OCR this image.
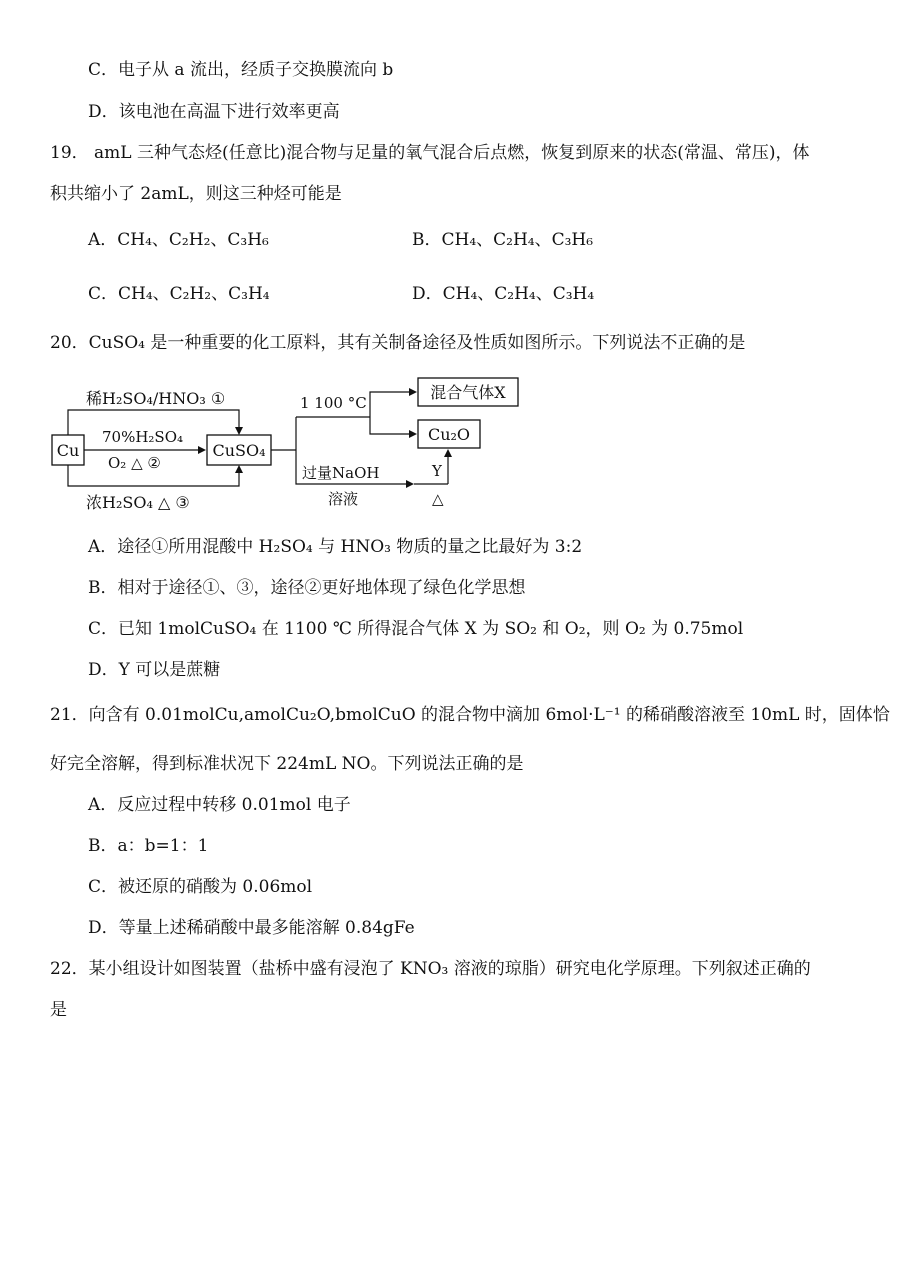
C．电子从 a 流出，经质子交换膜流向 b
D．该电池在高温下进行效率更高
19． amL 三种气态烃(任意比)混合物与足量的氧气混合后点燃，恢复到原来的状态(常温、常压)，体
积共缩小了 2amL，则这三种烃可能是
A．CH₄、C₂H₂、C₃H₆	B．CH₄、C₂H₄、C₃H₆
C．CH₄、C₂H₂、C₃H₄	D．CH₄、C₂H₄、C₃H₄
20．CuSO₄ 是一种重要的化工原料，其有关制备途径及性质如图所示。下列说法不正确的是
Cu	CuSO₄
稀H₂SO₄/HNO₃ ①
70%H₂SO₄
O₂ △ ②
浓H₂SO₄ △ ③
1 100 °C
混合气体X
Cu₂O
过量NaOH
溶液
Y
△
A．途径①所用混酸中 H₂SO₄ 与 HNO₃ 物质的量之比最好为 3:2
B．相对于途径①、③，途径②更好地体现了绿色化学思想
C．已知 1molCuSO₄ 在 1100 ℃ 所得混合气体 X 为 SO₂ 和 O₂，则 O₂ 为 0.75mol
D．Y 可以是蔗糖
21．向含有 0.01molCu,amolCu₂O,bmolCuO 的混合物中滴加 6mol·L⁻¹ 的稀硝酸溶液至 10mL 时，固体恰
好完全溶解，得到标准状况下 224mL NO。下列说法正确的是
A．反应过程中转移 0.01mol 电子
B．a：b=1：1
C．被还原的硝酸为 0.06mol
D．等量上述稀硝酸中最多能溶解 0.84gFe
22．某小组设计如图装置（盐桥中盛有浸泡了 KNO₃ 溶液的琼脂）研究电化学原理。下列叙述正确的
是
